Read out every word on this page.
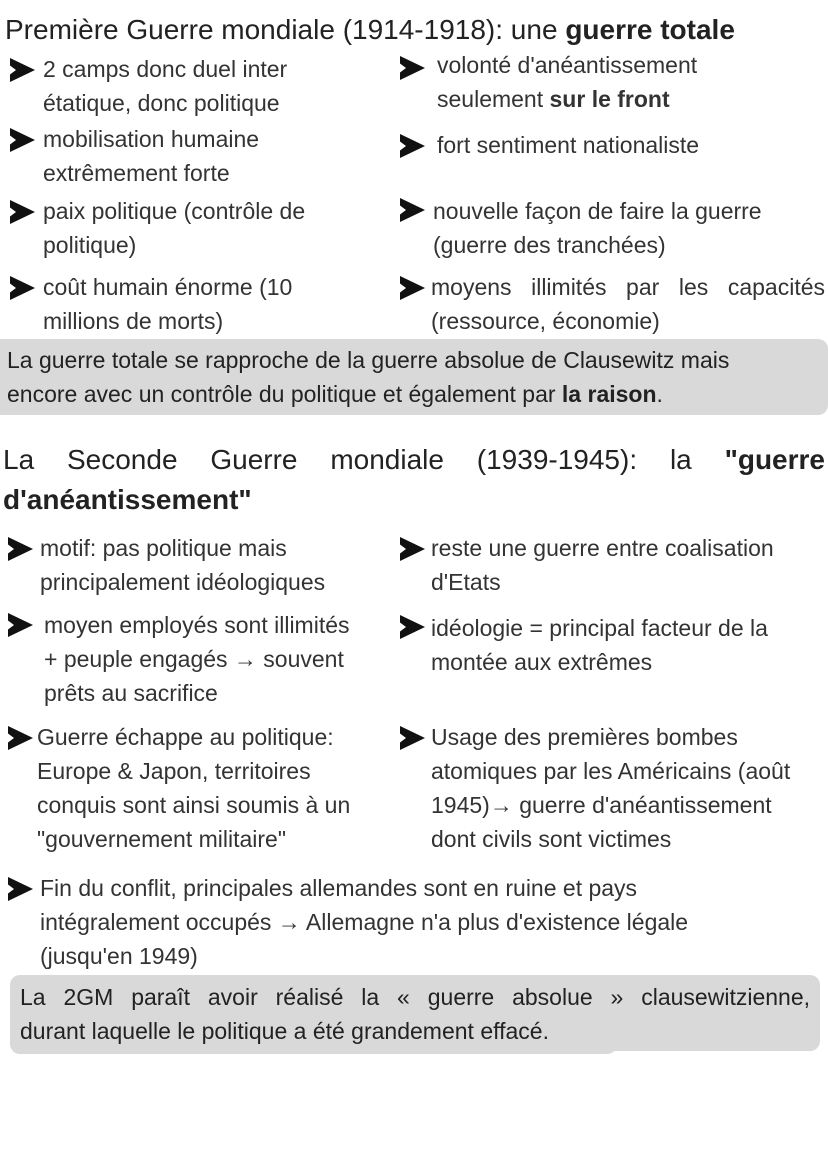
Première Guerre mondiale (1914-1918): une guerre totale
2 camps donc duel inter
étatique, donc politique
mobilisation humaine
extrêmement forte
paix politique (contrôle de
politique)
coût humain énorme (10
millions de morts)
volonté d'anéantissement
seulement sur le front
fort sentiment nationaliste
nouvelle façon de faire la guerre
(guerre des tranchées)
moyens illimités par les capacités
(ressource, économie)
La guerre totale se rapproche de la guerre absolue de Clausewitz mais
encore avec un contrôle du politique et également par la raison.
La Seconde Guerre mondiale (1939-1945): la "guerre
d'anéantissement"
motif: pas politique mais
principalement idéologiques
moyen employés sont illimités
+ peuple engagés → souvent
prêts au sacrifice
Guerre échappe au politique:
Europe & Japon, territoires
conquis sont ainsi soumis à un
"gouvernement militaire"
reste une guerre entre coalisation
d'Etats
idéologie = principal facteur de la
montée aux extrêmes
Usage des premières bombes
atomiques par les Américains (août
1945)→ guerre d'anéantissement
dont civils sont victimes
Fin du conflit, principales allemandes sont en ruine et pays
intégralement occupés → Allemagne n'a plus d'existence légale
(jusqu'en 1949)
La 2GM paraît avoir réalisé la « guerre absolue » clausewitzienne,
durant laquelle le politique a été grandement effacé.
